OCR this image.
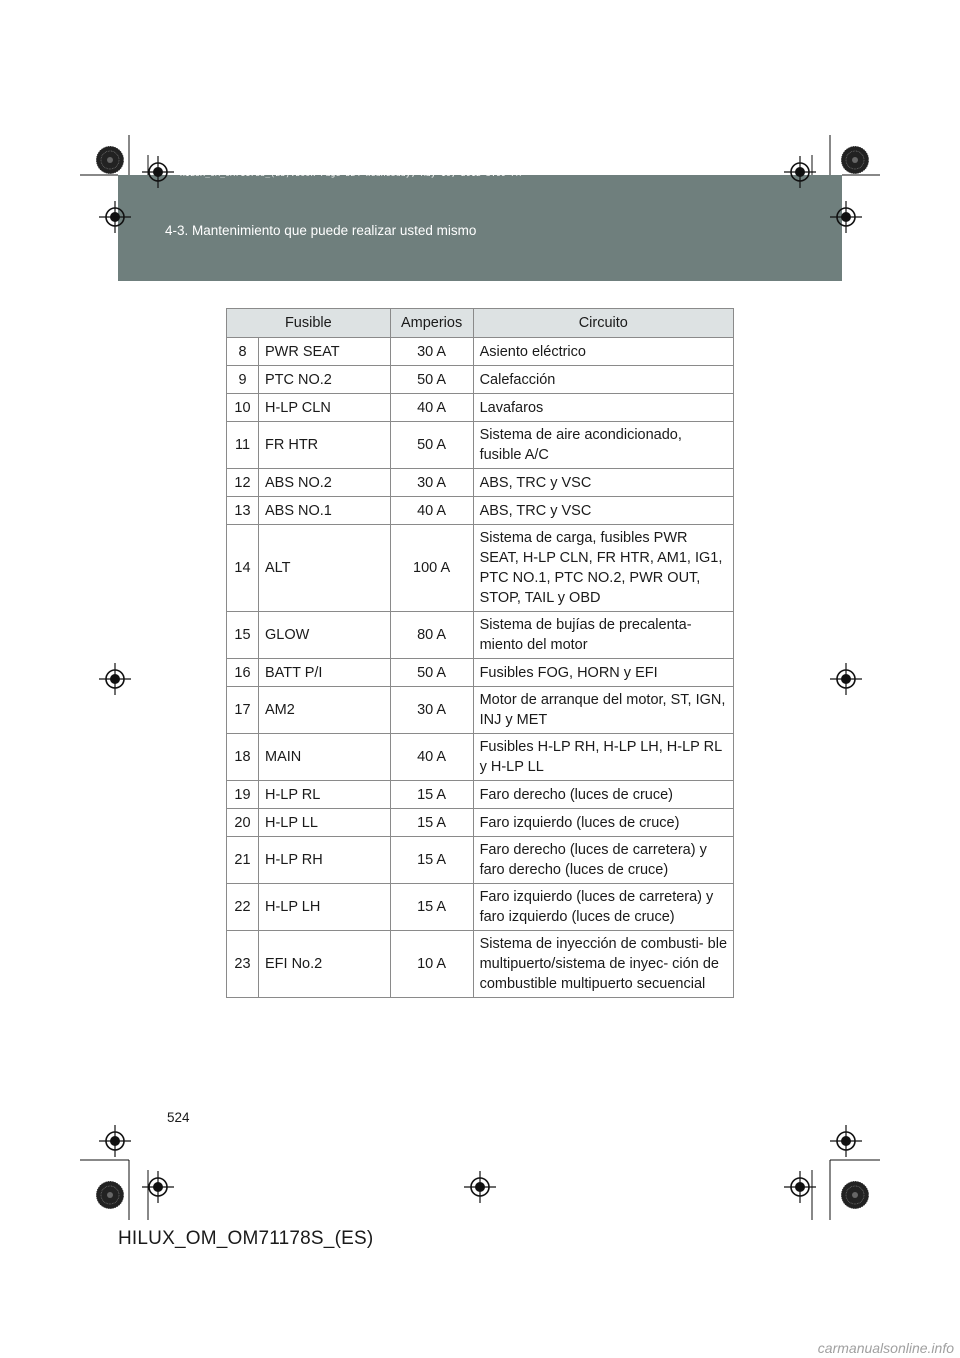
HILUX_OM_OM71178S_(ES).book Page 524 Wednesday, May 16, 2012 3:09 PM
4-3. Mantenimiento que puede realizar usted mismo
Fusible		Amperios	Circuito
8	PWR SEAT	30 A	Asiento eléctrico
9	PTC NO.2	50 A	Calefacción
10	H-LP CLN	40 A	Lavafaros
11	FR HTR	50 A	Sistema de aire acondicionado, fusible A/C
12	ABS NO.2	30 A	ABS, TRC y VSC
13	ABS NO.1	40 A	ABS, TRC y VSC
14	ALT	100 A	Sistema de carga, fusibles PWR SEAT, H-LP CLN, FR HTR, AM1, IG1, PTC NO.1, PTC NO.2, PWR OUT, STOP, TAIL y OBD
15	GLOW	80 A	Sistema de bujías de precalenta- miento del motor
16	BATT P/I	50 A	Fusibles FOG, HORN y EFI
17	AM2	30 A	Motor de arranque del motor, ST, IGN, INJ y MET
18	MAIN	40 A	Fusibles H-LP RH, H-LP LH, H-LP RL y H-LP LL
19	H-LP RL	15 A	Faro derecho (luces de cruce)
20	H-LP LL	15 A	Faro izquierdo (luces de cruce)
21	H-LP RH	15 A	Faro derecho (luces de carretera) y faro derecho (luces de cruce)
22	H-LP LH	15 A	Faro izquierdo (luces de carretera) y faro izquierdo (luces de cruce)
23	EFI No.2	10 A	Sistema de inyección de combusti- ble multipuerto/sistema de inyec- ción de combustible multipuerto secuencial
524
HILUX_OM_OM71178S_(ES)
carmanualsonline.info
